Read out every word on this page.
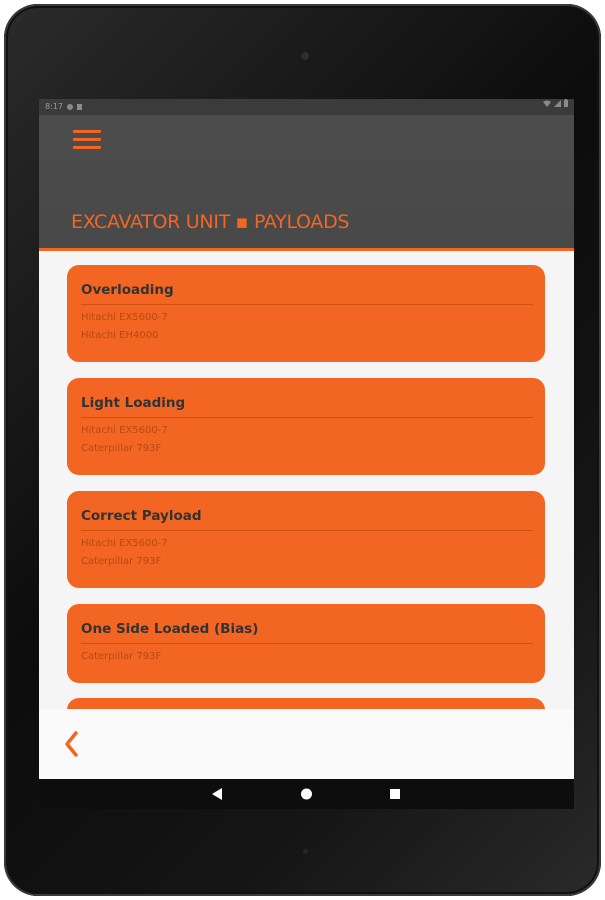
8:17
EXCAVATOR UNIT ▪ PAYLOADS
Overloading
Hitachi EX5600-7
Hitachi EH4000
Light Loading
Hitachi EX5600-7
Caterpillar 793F
Correct Payload
Hitachi EX5600-7
Caterpillar 793F
One Side Loaded (Bias)
Caterpillar 793F
